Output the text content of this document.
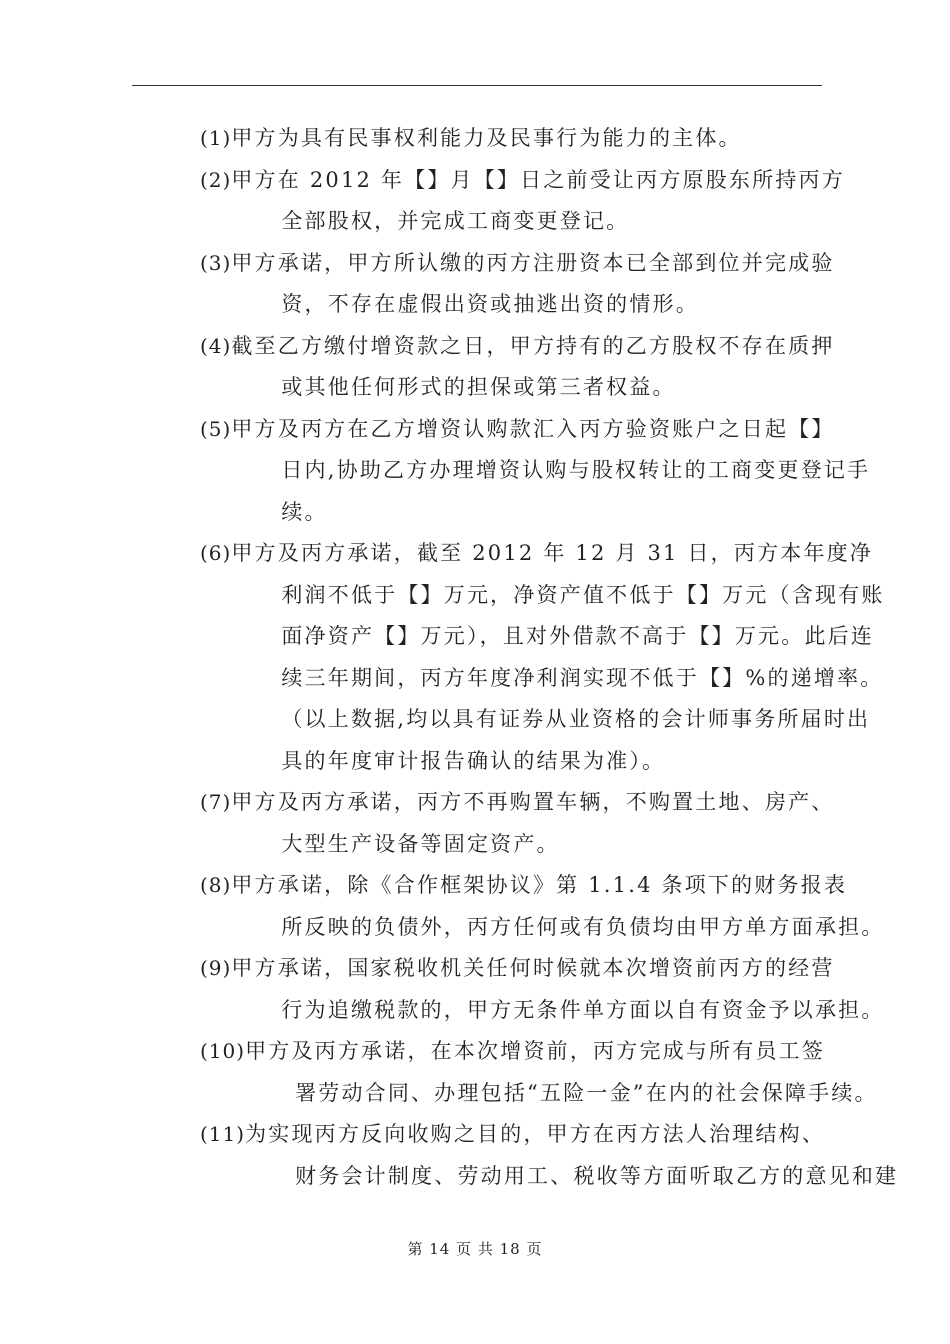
(1) 甲方为具有民事权利能力及民事行为能力的主体。
(2) 甲方在 2012 年【】月【】日之前受让丙方原股东所持丙方
全部股权，并完成工商变更登记。
(3) 甲方承诺，甲方所认缴的丙方注册资本已全部到位并完成验
资，不存在虚假出资或抽逃出资的情形。
(4) 截至乙方缴付增资款之日，甲方持有的乙方股权不存在质押
或其他任何形式的担保或第三者权益。
(5) 甲方及丙方在乙方增资认购款汇入丙方验资账户之日起【】
日内,协助乙方办理增资认购与股权转让的工商变更登记手
续。
(6) 甲方及丙方承诺，截至 2012 年 12 月 31 日，丙方本年度净
利润不低于【】万元，净资产值不低于【】万元（含现有账
面净资产【】万元），且对外借款不高于【】万元。此后连
续三年期间，丙方年度净利润实现不低于【】%的递增率。
（以上数据,均以具有证券从业资格的会计师事务所届时出
具的年度审计报告确认的结果为准）。
(7) 甲方及丙方承诺，丙方不再购置车辆，不购置土地、房产、
大型生产设备等固定资产。
(8) 甲方承诺，除《合作框架协议》第 1.1.4 条项下的财务报表
所反映的负债外，丙方任何或有负债均由甲方单方面承担。
(9) 甲方承诺，国家税收机关任何时候就本次增资前丙方的经营
行为追缴税款的，甲方无条件单方面以自有资金予以承担。
(10) 甲方及丙方承诺，在本次增资前，丙方完成与所有员工签
署劳动合同、办理包括“五险一金”在内的社会保障手续。
(11) 为实现丙方反向收购之目的，甲方在丙方法人治理结构、
财务会计制度、劳动用工、税收等方面听取乙方的意见和建
第 14 页 共 18 页
